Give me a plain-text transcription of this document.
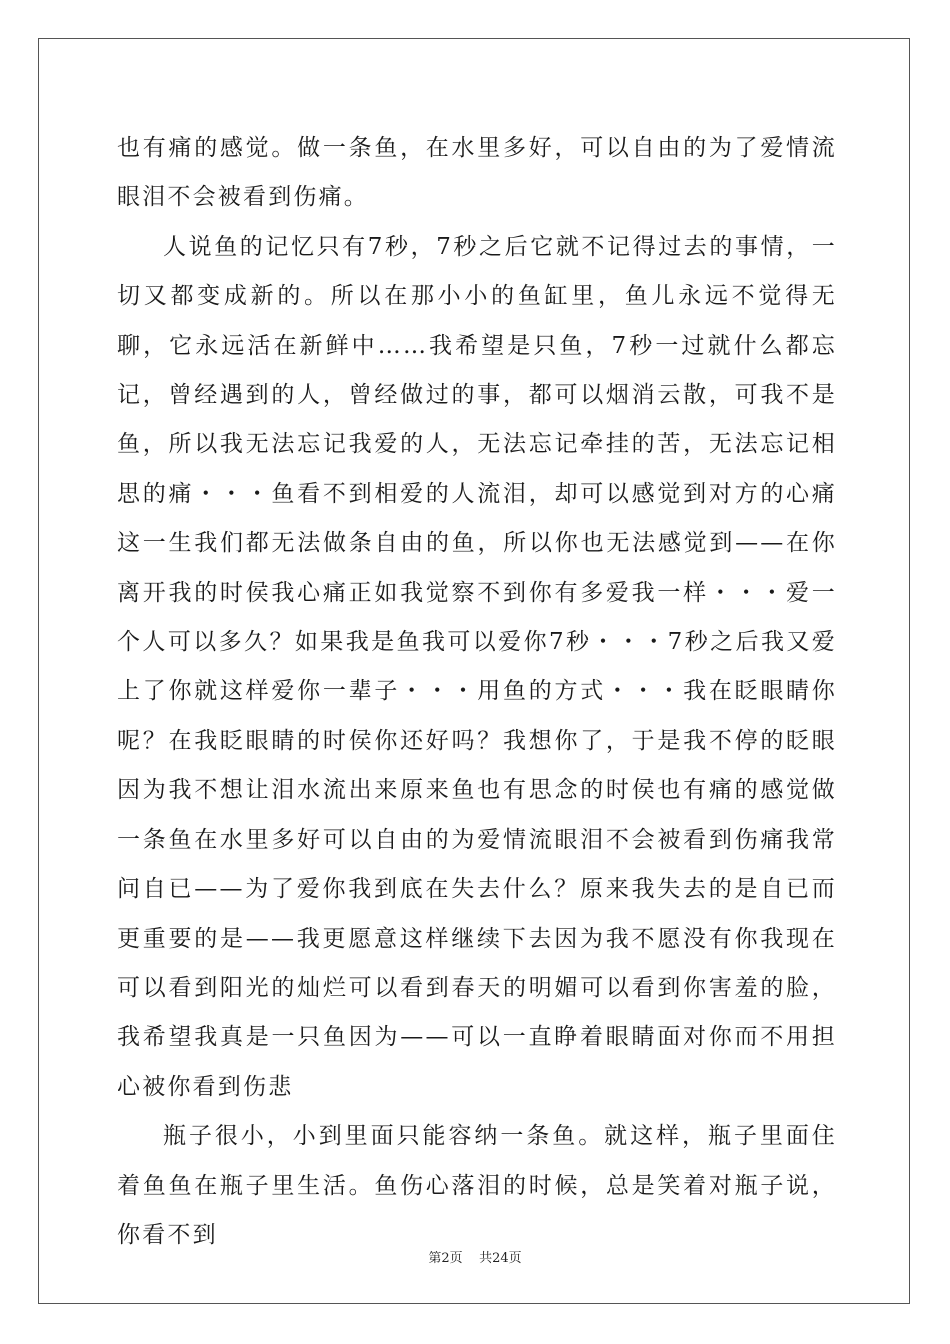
也有痛的感觉。做一条鱼，在水里多好，可以自由的为了爱情流眼泪不会被看到伤痛。

人说鱼的记忆只有7秒，7秒之后它就不记得过去的事情，一切又都变成新的。所以在那小小的鱼缸里，鱼儿永远不觉得无聊，它永远活在新鲜中……我希望是只鱼，7秒一过就什么都忘记，曾经遇到的人，曾经做过的事，都可以烟消云散，可我不是鱼，所以我无法忘记我爱的人，无法忘记牵挂的苦，无法忘记相思的痛・・・鱼看不到相爱的人流泪，却可以感觉到对方的心痛这一生我们都无法做条自由的鱼，所以你也无法感觉到——在你离开我的时侯我心痛正如我觉察不到你有多爱我一样・・・爱一个人可以多久？如果我是鱼我可以爱你7秒・・・7秒之后我又爱上了你就这样爱你一辈子・・・用鱼的方式・・・我在眨眼睛你呢？在我眨眼睛的时侯你还好吗？我想你了，于是我不停的眨眼因为我不想让泪水流出来原来鱼也有思念的时侯也有痛的感觉做一条鱼在水里多好可以自由的为爱情流眼泪不会被看到伤痛我常问自已——为了爱你我到底在失去什么？原来我失去的是自已而更重要的是——我更愿意这样继续下去因为我不愿没有你我现在可以看到阳光的灿烂可以看到春天的明媚可以看到你害羞的脸，我希望我真是一只鱼因为——可以一直睁着眼睛面对你而不用担心被你看到伤悲

瓶子很小，小到里面只能容纳一条鱼。就这样，瓶子里面住着鱼鱼在瓶子里生活。鱼伤心落泪的时候，总是笑着对瓶子说，你看不到

第2页    共24页
